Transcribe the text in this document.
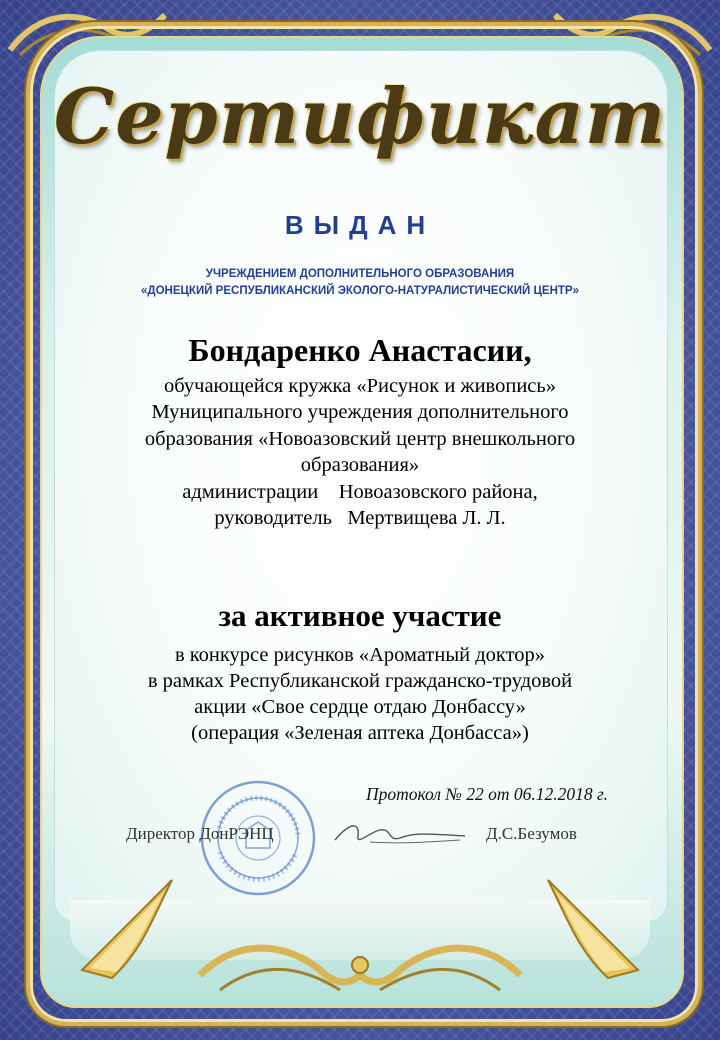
Сертификат
ВЫДАН
УЧРЕЖДЕНИЕМ ДОПОЛНИТЕЛЬНОГО ОБРАЗОВАНИЯ
«ДОНЕЦКИЙ РЕСПУБЛИКАНСКИЙ ЭКОЛОГО-НАТУРАЛИСТИЧЕСКИЙ ЦЕНТР»
Бондаренко Анастасии,
обучающейся кружка «Рисунок и живопись»
Муниципального учреждения дополнительного
образования «Новоазовский центр внешкольного
образования»
администрации    Новоазовского района,
руководитель   Мертвищева Л. Л.
за активное участие
в конкурсе рисунков «Ароматный доктор»
в рамках Республиканской гражданско-трудовой
акции «Свое сердце отдаю Донбассу»
(операция «Зеленая аптека Донбасса»)
Протокол № 22 от 06.12.2018 г.
Директор ДонРЭНЦ	Д.С.Безумов
